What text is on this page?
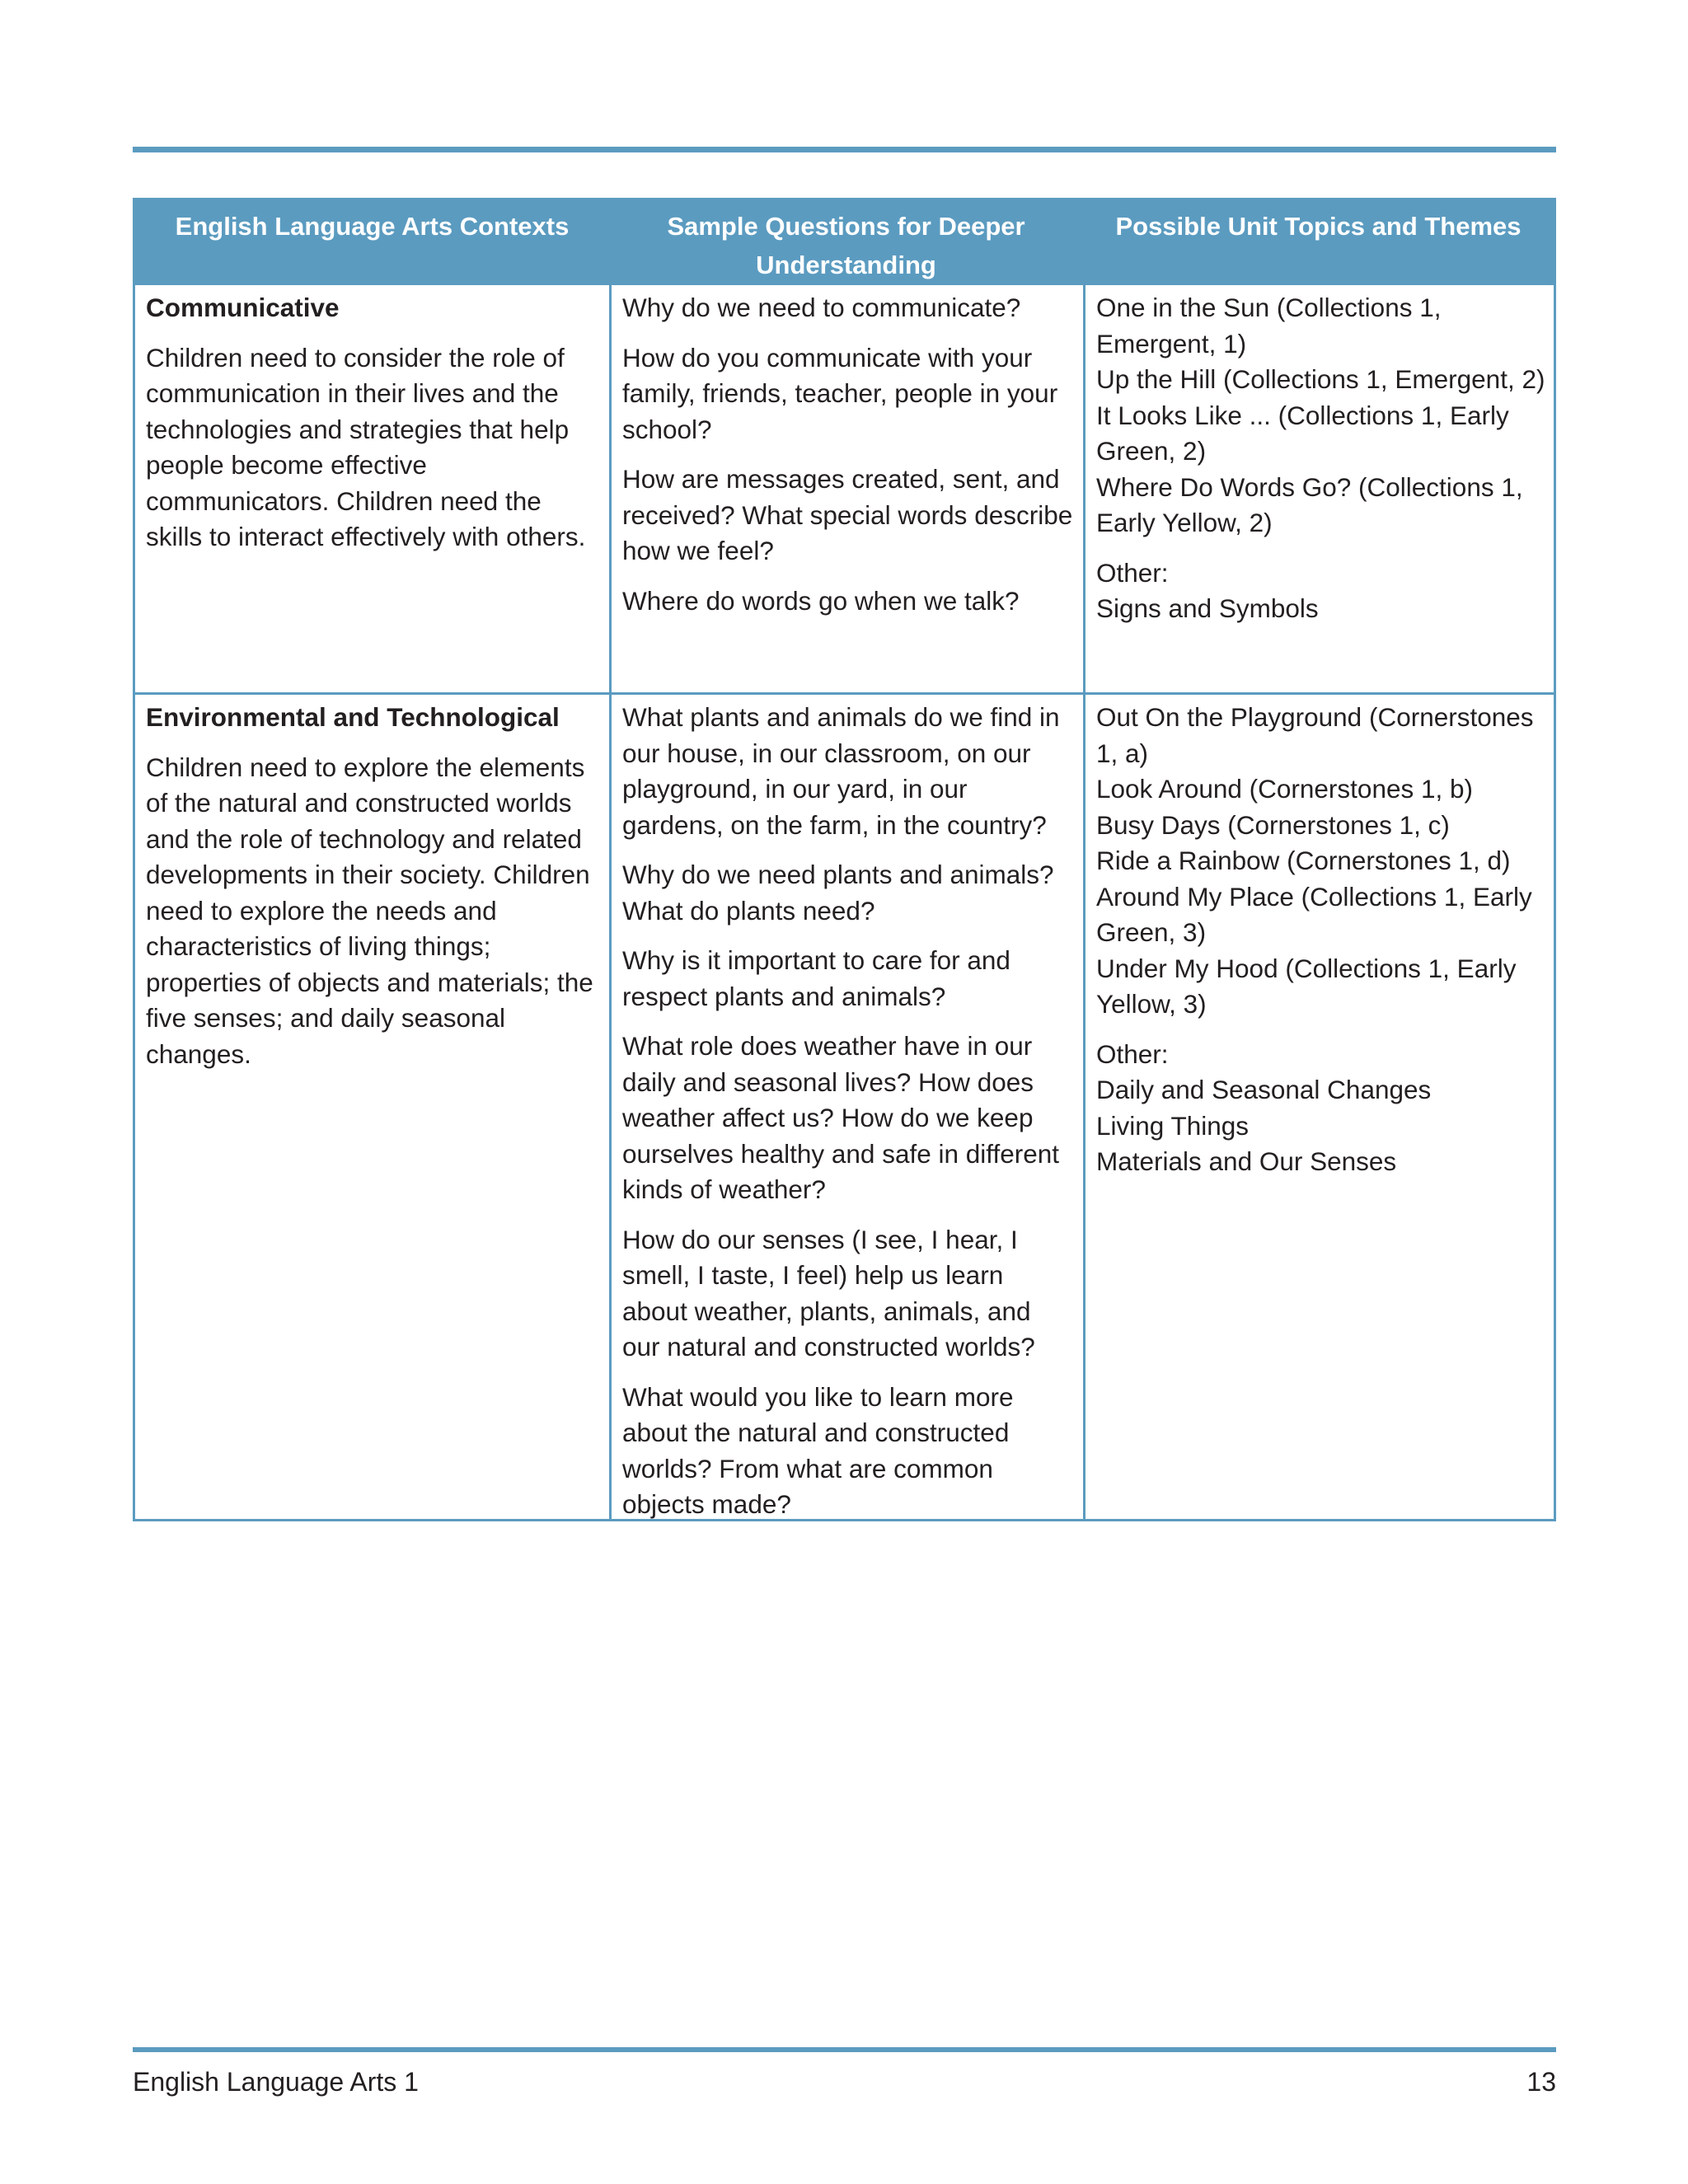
English Language Arts Contexts	Sample Questions for Deeper Understanding
Possible Unit Topics and Themes
Communicative

Children need to consider the role of communication in their lives and the technologies and strategies that help people become effective communicators. Children need the skills to interact effectively with others.

Why do we need to communicate?

How do you communicate with your family, friends, teacher, people in your school?

How are messages created, sent, and received? What special words describe how we feel?

Where do words go when we talk?

One in the Sun (Collections 1, Emergent, 1)
Up the Hill (Collections 1, Emergent, 2)
It Looks Like ... (Collections 1, Early Green, 2)
Where Do Words Go? (Collections 1, Early Yellow, 2)
Other:
Signs and Symbols
Environmental and Technological

Children need to explore the elements of the natural and constructed worlds and the role of technology and related developments in their society. Children need to explore the needs and characteristics of living things; properties of objects and materials; the five senses; and daily seasonal changes.

What plants and animals do we find in our house, in our classroom, on our playground, in our yard, in our gardens, on the farm, in the country?

Why do we need plants and animals? What do plants need?

Why is it important to care for and respect plants and animals?

What role does weather have in our daily and seasonal lives? How does weather affect us? How do we keep ourselves healthy and safe in different kinds of weather?

How do our senses (I see, I hear, I smell, I taste, I feel) help us learn about weather, plants, animals, and our natural and constructed worlds?

What would you like to learn more about the natural and constructed worlds? From what are common objects made?

Out On the Playground (Cornerstones 1, a)
Look Around (Cornerstones 1, b)
Busy Days (Cornerstones 1, c)
Ride a Rainbow (Cornerstones 1, d)
Around My Place (Collections 1, Early Green, 3)
Under My Hood (Collections 1, Early Yellow, 3)
Other:
Daily and Seasonal Changes
Living Things
Materials and Our Senses
English Language Arts 1	13
